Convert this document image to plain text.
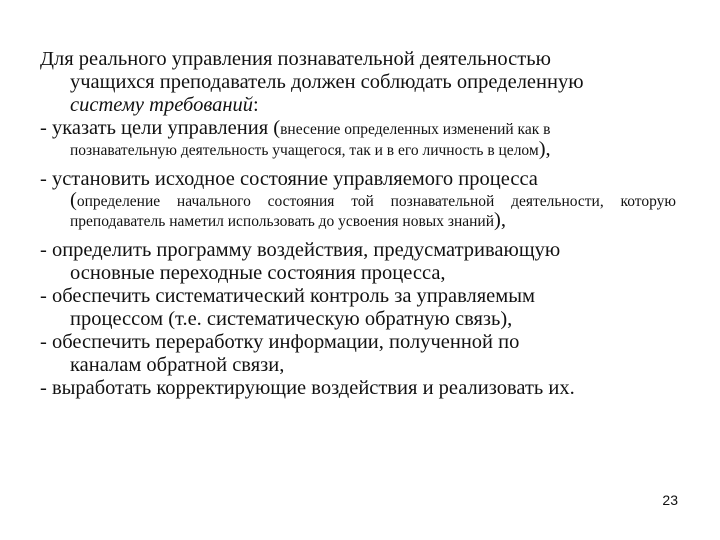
Для реального управления познавательной деятельностью
учащихся преподаватель должен соблюдать определенную
систему требований:

- указать цели управления (внесение определенных изменений как в
познавательную деятельность учащегося, так и в его личность в целом),

- установить исходное состояние управляемого процесса
(определение начального состояния той познавательной деятельности, которую преподаватель наметил использовать до усвоения новых знаний),

- определить программу воздействия, предусматривающую
основные переходные состояния процесса,

- обеспечить систематический контроль за управляемым
процессом (т.е. систематическую обратную связь),

- обеспечить переработку информации, полученной по
каналам обратной связи,

- выработать корректирующие воздействия и реализовать их.

23
